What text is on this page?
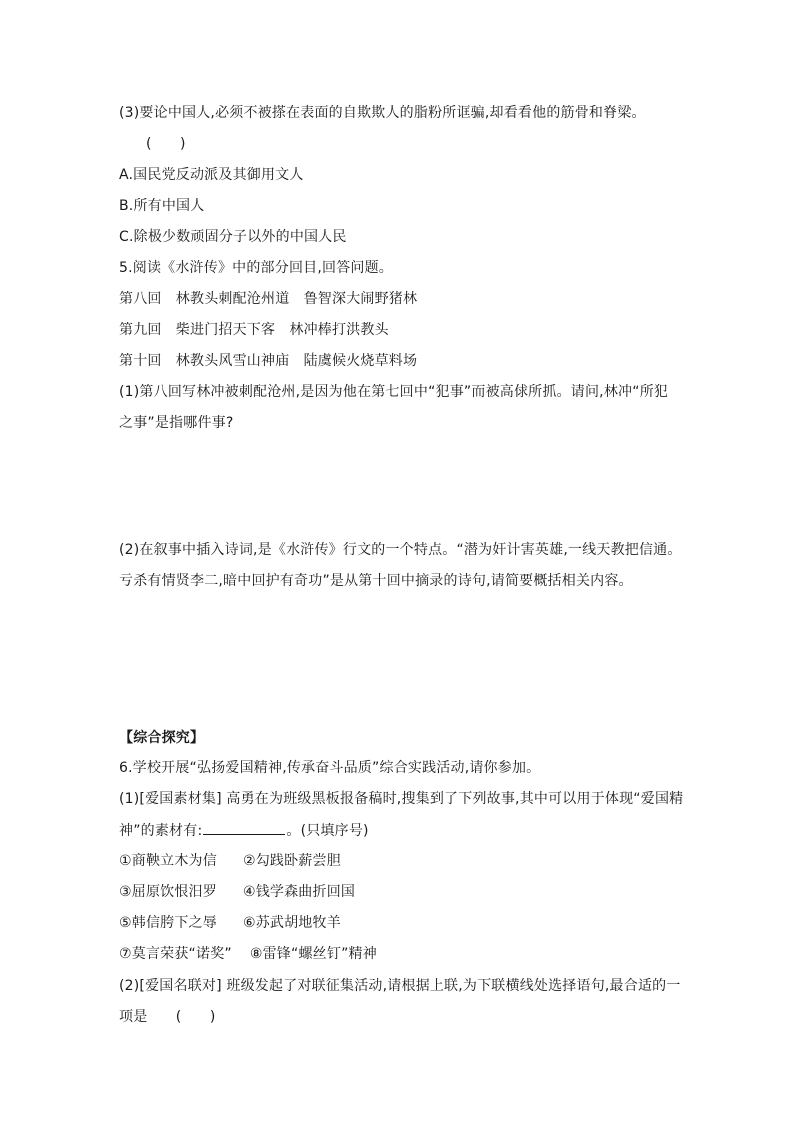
(3)要论中国人,必须不被搽在表面的自欺欺人的脂粉所诓骗,却看看他的筋骨和脊梁。
(　　)
A.国民党反动派及其御用文人
B.所有中国人
C.除极少数顽固分子以外的中国人民
5.阅读《水浒传》中的部分回目,回答问题。
第八回　林教头刺配沧州道　鲁智深大闹野猪林
第九回　柴进门招天下客　林冲棒打洪教头
第十回　林教头风雪山神庙　陆虞候火烧草料场
(1)第八回写林冲被刺配沧州,是因为他在第七回中“犯事”而被高俅所抓。请问,林冲“所犯
之事”是指哪件事?
(2)在叙事中插入诗词,是《水浒传》行文的一个特点。“潜为奸计害英雄,一线天教把信通。
亏杀有情贤李二,暗中回护有奇功”是从第十回中摘录的诗句,请简要概括相关内容。
【综合探究】
6.学校开展“弘扬爱国精神,传承奋斗品质”综合实践活动,请你参加。
(1)[爱国素材集] 高勇在为班级黑板报备稿时,搜集到了下列故事,其中可以用于体现“爱国精
神”的素材有:	。(只填序号)
①商鞅立木为信 ②勾践卧薪尝胆
③屈原饮恨汨罗 ④钱学森曲折回国
⑤韩信胯下之辱 ⑥苏武胡地牧羊
⑦莫言荣获“诺奖” ⑧雷锋“螺丝钉”精神
(2)[爱国名联对] 班级发起了对联征集活动,请根据上联,为下联横线处选择语句,最合适的一
项是　　(　　)
